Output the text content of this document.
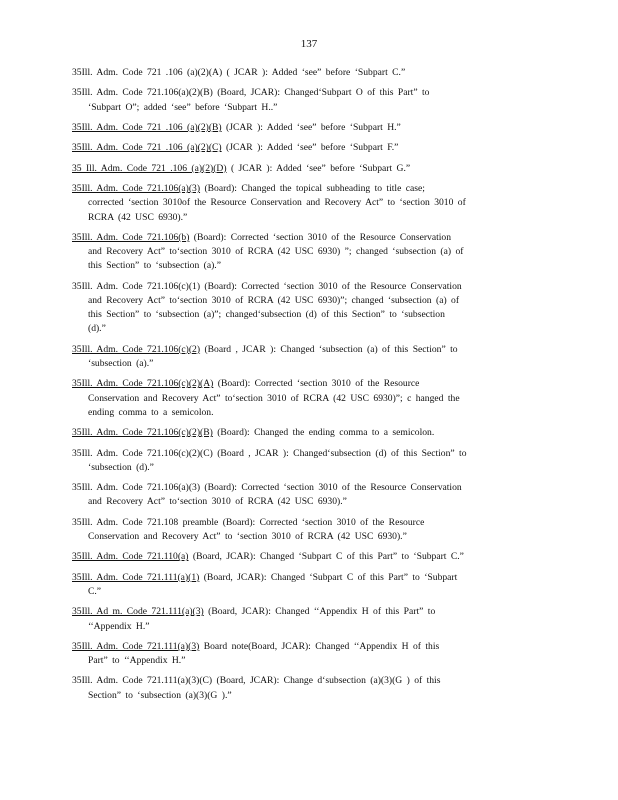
137
35Ill. Adm. Code 721 .106 (a)(2)(A) ( JCAR ): Added ‘see” before ‘Subpart C.”
35Ill. Adm. Code 721.106(a)(2)(B) (Board, JCAR): Changed‘Subpart O of this Part” to
‘Subpart O”; added ‘see” before ‘Subpart H..”
35Ill. Adm. Code 721 .106 (a)(2)(B) (JCAR ): Added ‘see” before ‘Subpart H.”
35Ill. Adm. Code 721 .106 (a)(2)(C) (JCAR ): Added ‘see” before ‘Subpart F.”
35 Ill. Adm. Code 721 .106 (a)(2)(D) ( JCAR ): Added ‘see” before ‘Subpart G.”
35Ill. Adm. Code 721.106(a)(3) (Board): Changed the topical subheading to title case;
corrected ‘section 3010of the Resource Conservation and Recovery Act” to ‘section 3010 of
RCRA (42 USC 6930).”
35Ill. Adm. Code 721.106(b) (Board): Corrected ‘section 3010 of the Resource Conservation
and Recovery Act” to‘section 3010 of RCRA (42 USC 6930) ”; changed ‘subsection (a) of
this Section” to ‘subsection (a).”
35Ill. Adm. Code 721.106(c)(1) (Board): Corrected ‘section 3010 of the Resource Conservation
and Recovery Act” to‘section 3010 of RCRA (42 USC 6930)”; changed ‘subsection (a) of
this Section” to ‘subsection (a)”; changed‘subsection (d) of this Section” to ‘subsection
(d).”
35Ill. Adm. Code 721.106(c)(2) (Board , JCAR ): Changed ‘subsection (a) of this Section” to
‘subsection (a).”
35Ill. Adm. Code 721.106(c)(2)(A) (Board): Corrected ‘section 3010 of the Resource
Conservation and Recovery Act” to‘section 3010 of RCRA (42 USC 6930)”; c hanged the
ending comma to a semicolon.
35Ill. Adm. Code 721.106(c)(2)(B) (Board): Changed the ending comma to a semicolon.
35Ill. Adm. Code 721.106(c)(2)(C) (Board , JCAR ): Changed‘subsection (d) of this Section” to
‘subsection (d).”
35Ill. Adm. Code 721.106(a)(3) (Board): Corrected ‘section 3010 of the Resource Conservation
and Recovery Act” to‘section 3010 of RCRA (42 USC 6930).”
35Ill. Adm. Code 721.108 preamble (Board): Corrected ‘section 3010 of the Resource
Conservation and Recovery Act” to ‘section 3010 of RCRA (42 USC 6930).”
35Ill. Adm. Code 721.110(a) (Board, JCAR): Changed ‘Subpart C of this Part” to ‘Subpart C.”
35Ill. Adm. Code 721.111(a)(1) (Board, JCAR): Changed ‘Subpart C of this Part” to ‘Subpart
C.”
35Ill. Ad m. Code 721.111(a)(3) (Board, JCAR): Changed ‘‘Appendix H of this Part” to
‘‘Appendix H.”
35Ill. Adm. Code 721.111(a)(3) Board note(Board, JCAR): Changed ‘‘Appendix H of this
Part” to ‘‘Appendix H.”
35Ill. Adm. Code 721.111(a)(3)(C) (Board, JCAR): Change d‘subsection (a)(3)(G ) of this
Section” to ‘subsection (a)(3)(G ).”
